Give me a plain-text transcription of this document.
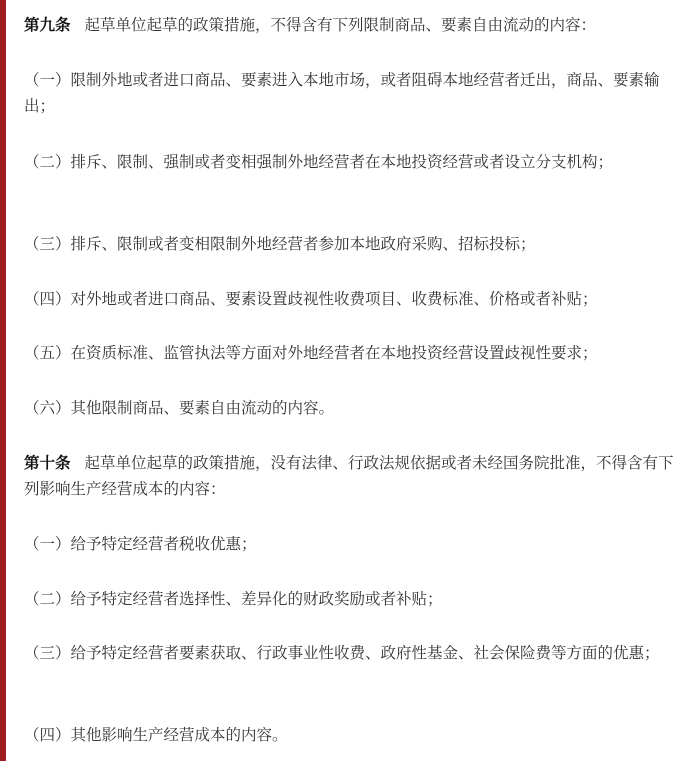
第九条 起草单位起草的政策措施，不得含有下列限制商品、要素自由流动的内容：

（一）限制外地或者进口商品、要素进入本地市场，或者阻碍本地经营者迁出，商品、要素输出；

（二）排斥、限制、强制或者变相强制外地经营者在本地投资经营或者设立分支机构；

（三）排斥、限制或者变相限制外地经营者参加本地政府采购、招标投标；

（四）对外地或者进口商品、要素设置歧视性收费项目、收费标准、价格或者补贴；

（五）在资质标准、监管执法等方面对外地经营者在本地投资经营设置歧视性要求；

（六）其他限制商品、要素自由流动的内容。

第十条 起草单位起草的政策措施，没有法律、行政法规依据或者未经国务院批准，不得含有下列影响生产经营成本的内容：

（一）给予特定经营者税收优惠；

（二）给予特定经营者选择性、差异化的财政奖励或者补贴；

（三）给予特定经营者要素获取、行政事业性收费、政府性基金、社会保险费等方面的优惠；

（四）其他影响生产经营成本的内容。
